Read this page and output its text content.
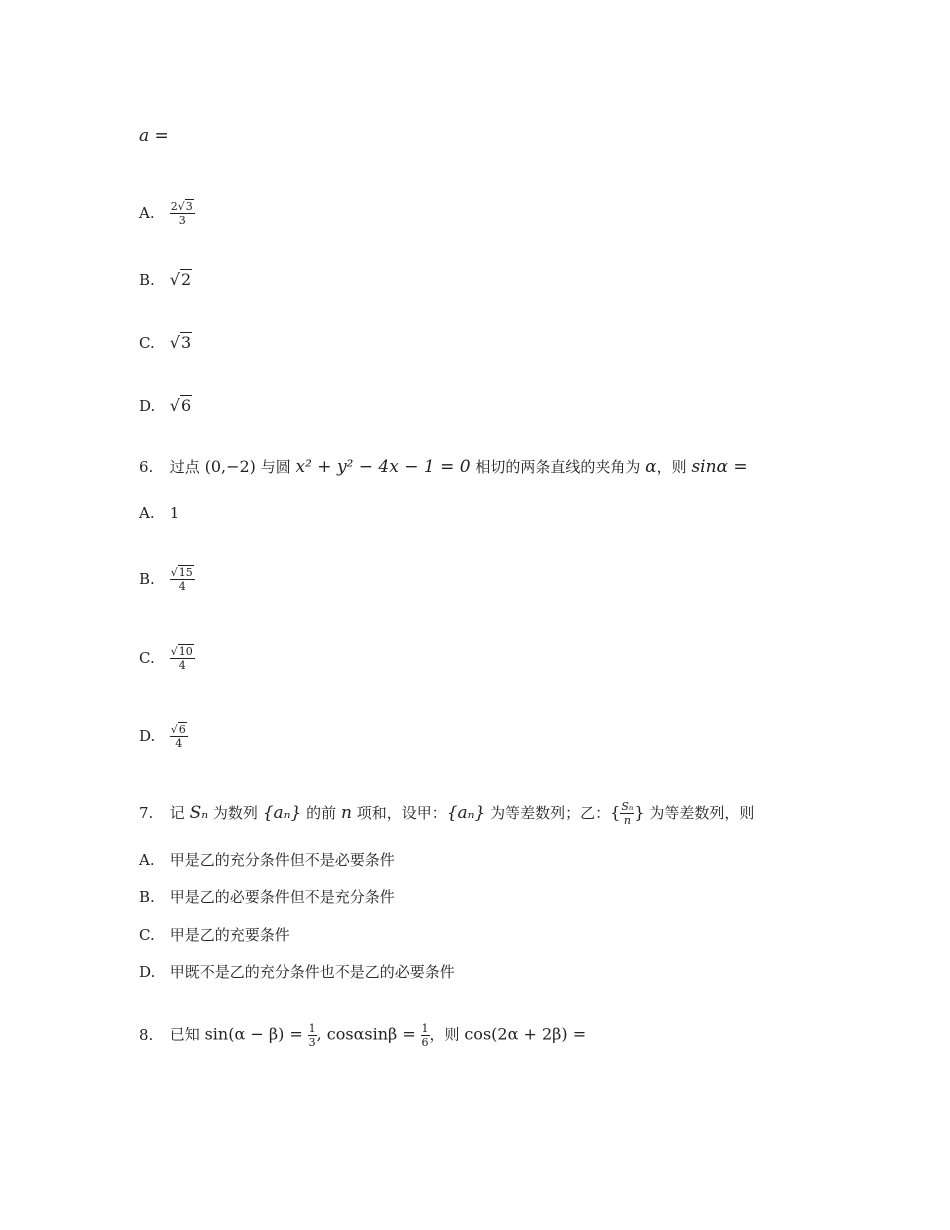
a =
A. $\frac{2√3}{3}$
B. √2
C. √3
D. √6
6. 过点 (0,−2) 与圆 x² + y² − 4x − 1 = 0 相切的两条直线的夹角为 α，则 sinα =
A. 1
B. $\frac{√15}{4}$
C. $\frac{√10}{4}$
D. $\frac{√6}{4}$
7. 记 Sₙ 为数列 {aₙ} 的前 n 项和，设甲：{aₙ} 为等差数列；乙：{ $\frac{\text{Sₙ}}{n}$ } 为等差数列，则
A. 甲是乙的充分条件但不是必要条件
B. 甲是乙的必要条件但不是充分条件
C. 甲是乙的充要条件
D. 甲既不是乙的充分条件也不是乙的必要条件
8. 已知 $\sin(\alpha - \beta) = \frac{1}{3}$ , $\cos\alpha\sin\beta = \frac{1}{6}$ ，则 cos(2α + 2β) =
